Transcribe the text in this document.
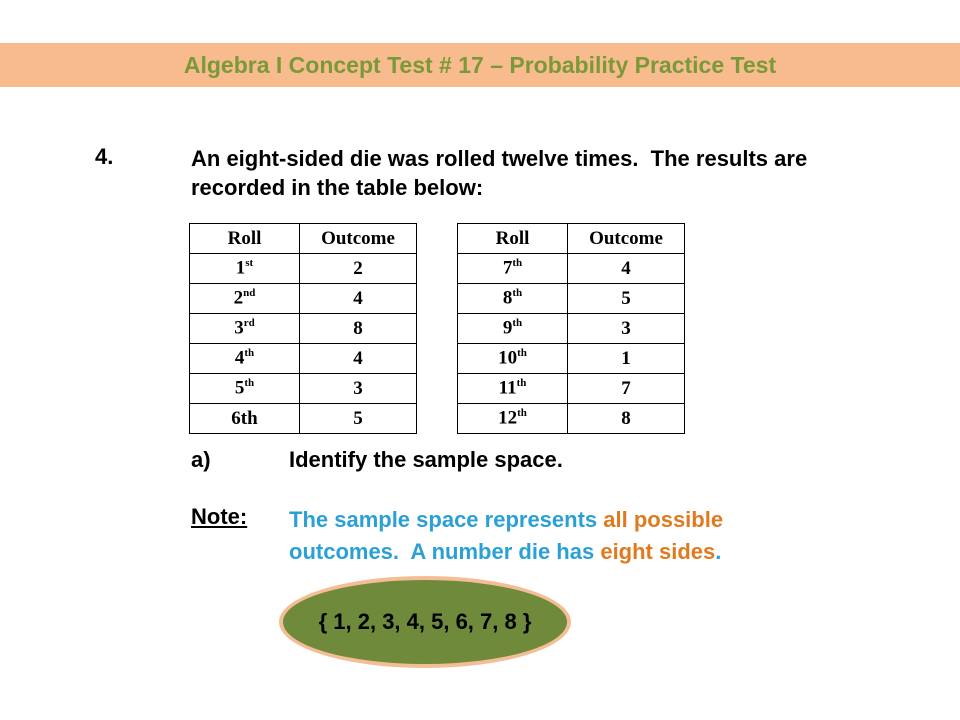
Algebra I Concept Test # 17 – Probability Practice Test
4.	An eight-sided die was rolled twelve times.  The results are
recorded in the table below:
Roll	Outcome
1st	2
2nd	4
3rd	8
4th	4
5th	3
6th	5
Roll	Outcome
7th	4
8th	5
9th	3
10th	1
11th	7
12th	8
a)	Identify the sample space.
Note: The sample space represents all possible
outcomes.  A number die has eight sides.
{ 1, 2, 3, 4, 5, 6, 7, 8 }
